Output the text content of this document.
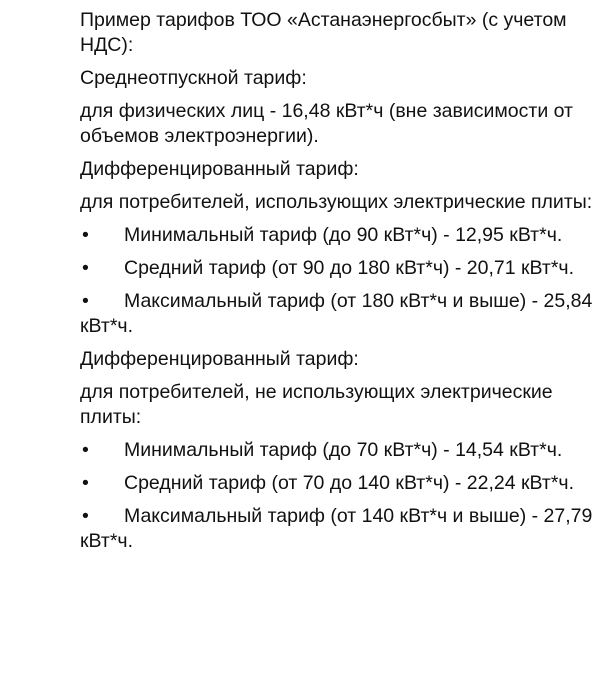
Пример тарифов ТОО «Астанаэнергосбыт» (с учетом НДС):

Среднеотпускной тариф:

для физических лиц - 16,48 кВт*ч (вне зависимости от объемов электроэнергии).

Дифференцированный тариф:

для потребителей, использующих электрические плиты:

• Минимальный тариф (до 90 кВт*ч) - 12,95 кВт*ч.
• Средний тариф (от 90 до 180 кВт*ч) - 20,71 кВт*ч.
• Максимальный тариф (от 180 кВт*ч и выше) - 25,84 кВт*ч.

Дифференцированный тариф:

для потребителей, не использующих электрические плиты:

• Минимальный тариф (до 70 кВт*ч) - 14,54 кВт*ч.
• Средний тариф (от 70 до 140 кВт*ч) - 22,24 кВт*ч.
• Максимальный тариф (от 140 кВт*ч и выше) - 27,79 кВт*ч.
